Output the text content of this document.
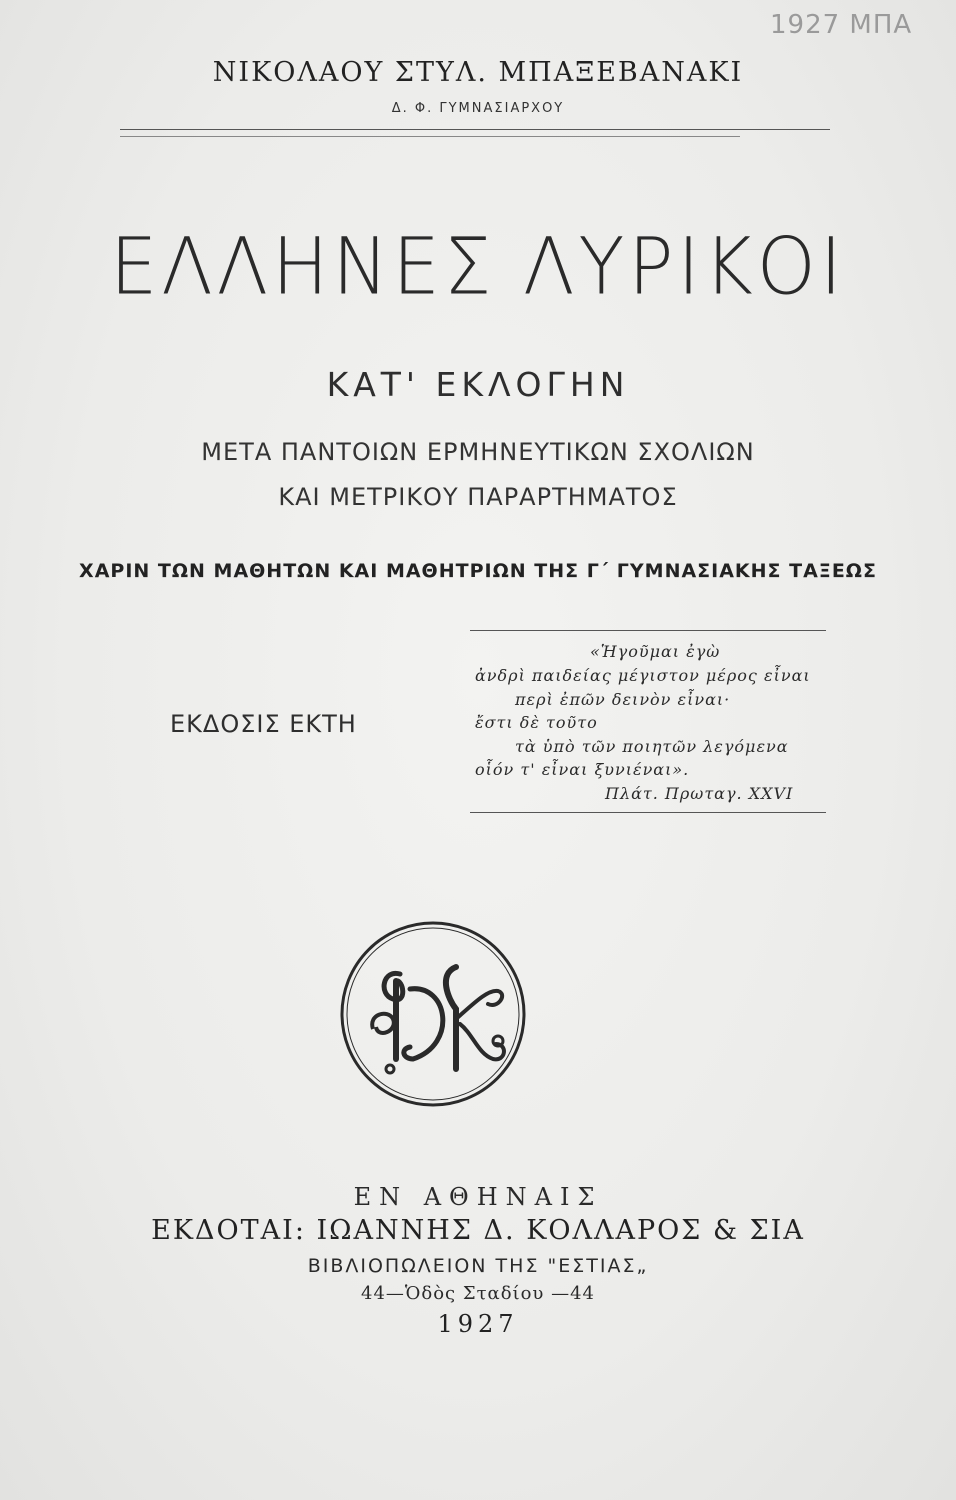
1927 ΜΠΑ
ΝΙΚΟΛΑΟΥ ΣΤΥΛ. ΜΠΑΞΕΒΑΝΑΚΙ
Δ. Φ. ΓΥΜΝΑΣΙΑΡΧΟΥ
ΕΛΛΗΝΕΣ ΛΥΡΙΚΟΙ
ΚΑΤ' ΕΚΛΟΓΗΝ
ΜΕΤΑ ΠΑΝΤΟΙΩΝ ΕΡΜΗΝΕΥΤΙΚΩΝ ΣΧΟΛΙΩΝ
ΚΑΙ ΜΕΤΡΙΚΟΥ ΠΑΡΑΡΤΗΜΑΤΟΣ
ΧΑΡΙΝ ΤΩΝ ΜΑΘΗΤΩΝ ΚΑΙ ΜΑΘΗΤΡΙΩΝ ΤΗΣ Γ΄ ΓΥΜΝΑΣΙΑΚΗΣ ΤΑΞΕΩΣ
ΕΚΔΟΣΙΣ ΕΚΤΗ
«Ἡγοῦμαι ἐγὼ
ἀνδρὶ παιδείας μέγιστον μέρος εἶναι
περὶ ἐπῶν δεινὸν εἶναι·
ἔστι δὲ τοῦτο
τὰ ὑπὸ τῶν ποιητῶν λεγόμενα
οἷόν τ' εἶναι ξυνιέναι».
Πλάτ. Πρωταγ. XXVI
ΕΝ ΑΘΗΝΑΙΣ
ΕΚΔΟΤΑΙ: ΙΩΑΝΝΗΣ Δ. ΚΟΛΛΑΡΟΣ & ΣΙΑ
ΒΙΒΛΙΟΠΩΛΕΙΟΝ ΤΗΣ "ΕΣΤΙΑΣ„
44—Ὁδὸς Σταδίου —44
1927
